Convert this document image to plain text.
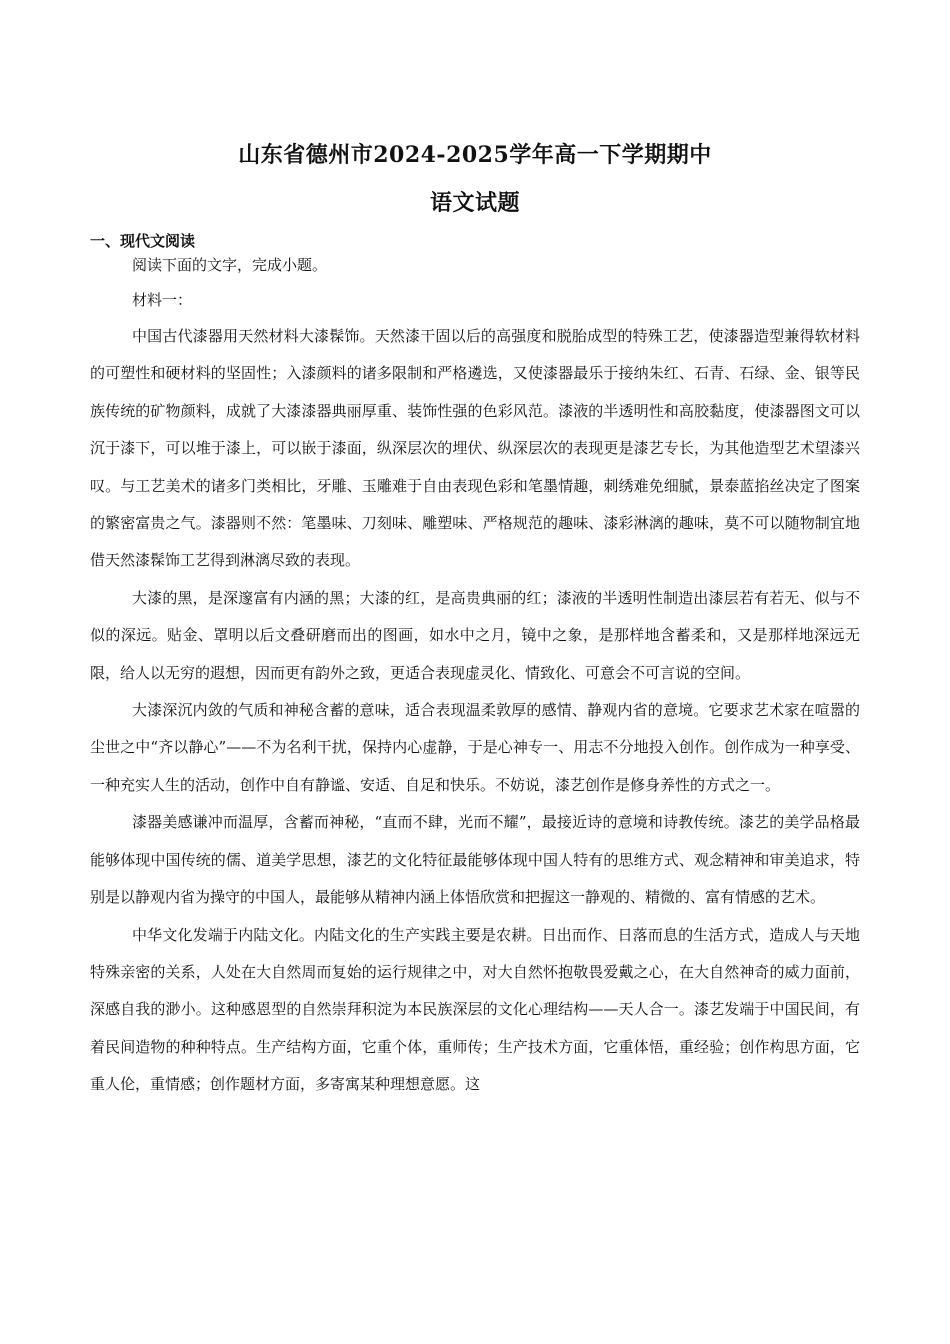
山东省德州市2024-2025学年高一下学期期中
语文试题
一、现代文阅读
阅读下面的文字，完成小题。
材料一：

中国古代漆器用天然材料大漆髹饰。天然漆干固以后的高强度和脱胎成型的特殊工艺，使漆器造型兼得软材料的可塑性和硬材料的坚固性；入漆颜料的诸多限制和严格遴选，又使漆器最乐于接纳朱红、石青、石绿、金、银等民族传统的矿物颜料，成就了大漆漆器典丽厚重、装饰性强的色彩风范。漆液的半透明性和高胶黏度，使漆器图文可以沉于漆下，可以堆于漆上，可以嵌于漆面，纵深层次的埋伏、纵深层次的表现更是漆艺专长，为其他造型艺术望漆兴叹。与工艺美术的诸多门类相比，牙雕、玉雕难于自由表现色彩和笔墨情趣，刺绣难免细腻，景泰蓝掐丝决定了图案的繁密富贵之气。漆器则不然：笔墨味、刀刻味、雕塑味、严格规范的趣味、漆彩淋漓的趣味，莫不可以随物制宜地借天然漆髹饰工艺得到淋漓尽致的表现。

大漆的黑，是深邃富有内涵的黑；大漆的红，是高贵典丽的红；漆液的半透明性制造出漆层若有若无、似与不似的深远。贴金、罩明以后文叠研磨而出的图画，如水中之月，镜中之象，是那样地含蓄柔和，又是那样地深远无限，给人以无穷的遐想，因而更有韵外之致，更适合表现虚灵化、情致化、可意会不可言说的空间。

大漆深沉内敛的气质和神秘含蓄的意味，适合表现温柔敦厚的感情、静观内省的意境。它要求艺术家在喧嚣的尘世之中“齐以静心”——不为名利干扰，保持内心虚静，于是心神专一、用志不分地投入创作。创作成为一种享受、一种充实人生的活动，创作中自有静谧、安适、自足和快乐。不妨说，漆艺创作是修身养性的方式之一。

漆器美感谦冲而温厚，含蓄而神秘，“直而不肆，光而不耀”，最接近诗的意境和诗教传统。漆艺的美学品格最能够体现中国传统的儒、道美学思想，漆艺的文化特征最能够体现中国人特有的思维方式、观念精神和审美追求，特别是以静观内省为操守的中国人，最能够从精神内涵上体悟欣赏和把握这一静观的、精微的、富有情感的艺术。

中华文化发端于内陆文化。内陆文化的生产实践主要是农耕。日出而作、日落而息的生活方式，造成人与天地特殊亲密的关系，人处在大自然周而复始的运行规律之中，对大自然怀抱敬畏爱戴之心，在大自然神奇的威力面前，深感自我的渺小。这种感恩型的自然崇拜积淀为本民族深层的文化心理结构——天人合一。漆艺发端于中国民间，有着民间造物的种种特点。生产结构方面，它重个体，重师传；生产技术方面，它重体悟，重经验；创作构思方面，它重人伦，重情感；创作题材方面，多寄寓某种理想意愿。这
